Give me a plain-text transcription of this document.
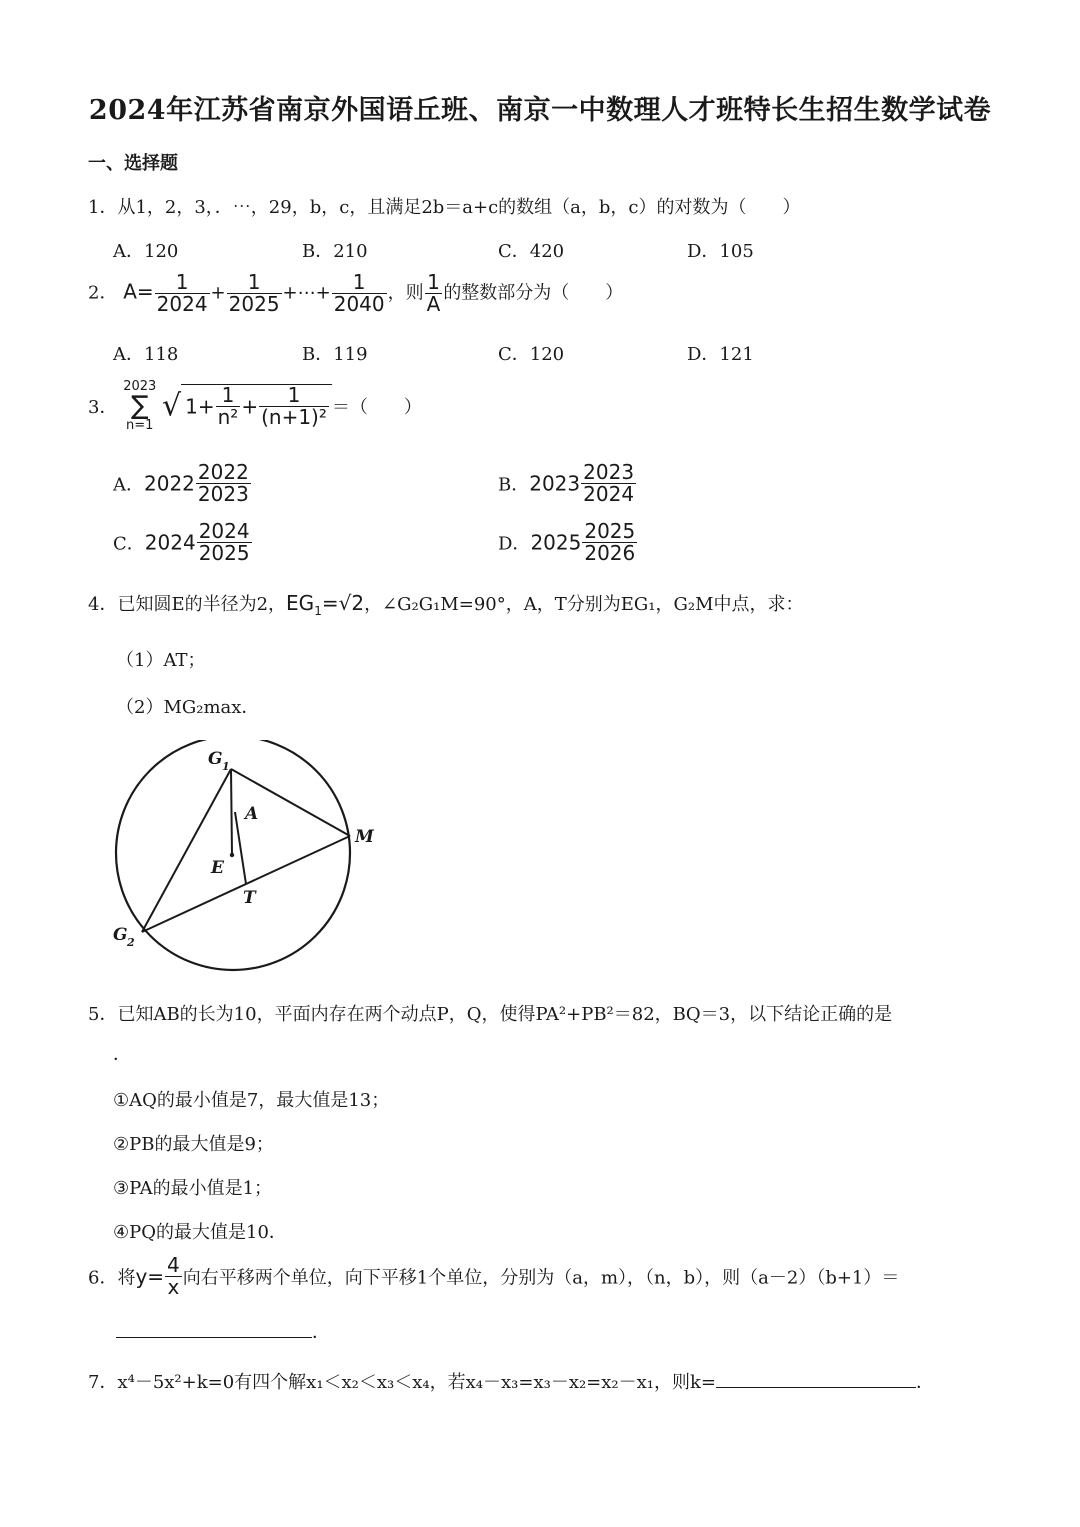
2024年江苏省南京外国语丘班、南京一中数理人才班特长生招生数学试卷
一、选择题
1．从1，2，3，．⋯，29，b，c，且满足2b＝a+c的数组（a，b，c）的对数为（　　）
A．120	B．210	C．420	D．105
2． $A= \frac{1}{2024} + \frac{1}{2025}$ +⋯+ $\frac{1}{2040}$ ，则 $\frac{1}{A}$ 的整数部分为（　　）
A．118	B．119	C．120	D．121
3．
2023
∑
n=1
√ $1+ \frac{1}{\text{n²}} + \frac{1}{\text{(n+1)²}}$ ＝（　　）
A．$2022 \frac{2022}{2023}$	B．$2023 \frac{2023}{2024}$
C．$2024 \frac{2024}{2025}$	D．$2025 \frac{2025}{2026}$
4．已知圆E的半径为2，$EG_1=√2$，∠G₂G₁M=90°，A，T分别为EG₁，G₂M中点，求：
（1）AT；
（2）MG₂max．
G 1
A
M
E
T
G 2
5．已知AB的长为10，平面内存在两个动点P，Q，使得PA²+PB²＝82，BQ＝3，以下结论正确的是
．
①AQ的最小值是7，最大值是13；
②PB的最大值是9；
③PA的最小值是1；
④PQ的最大值是10．
6．将$y= \frac{4}{x}$ 向右平移两个单位，向下平移1个单位，分别为（a，m），（n，b），则（a－2）（b+1）＝
．
7．x⁴－5x²+k=0有四个解x₁＜x₂＜x₃＜x₄，若x₄－x₃=x₃－x₂=x₂－x₁，则k=	．
